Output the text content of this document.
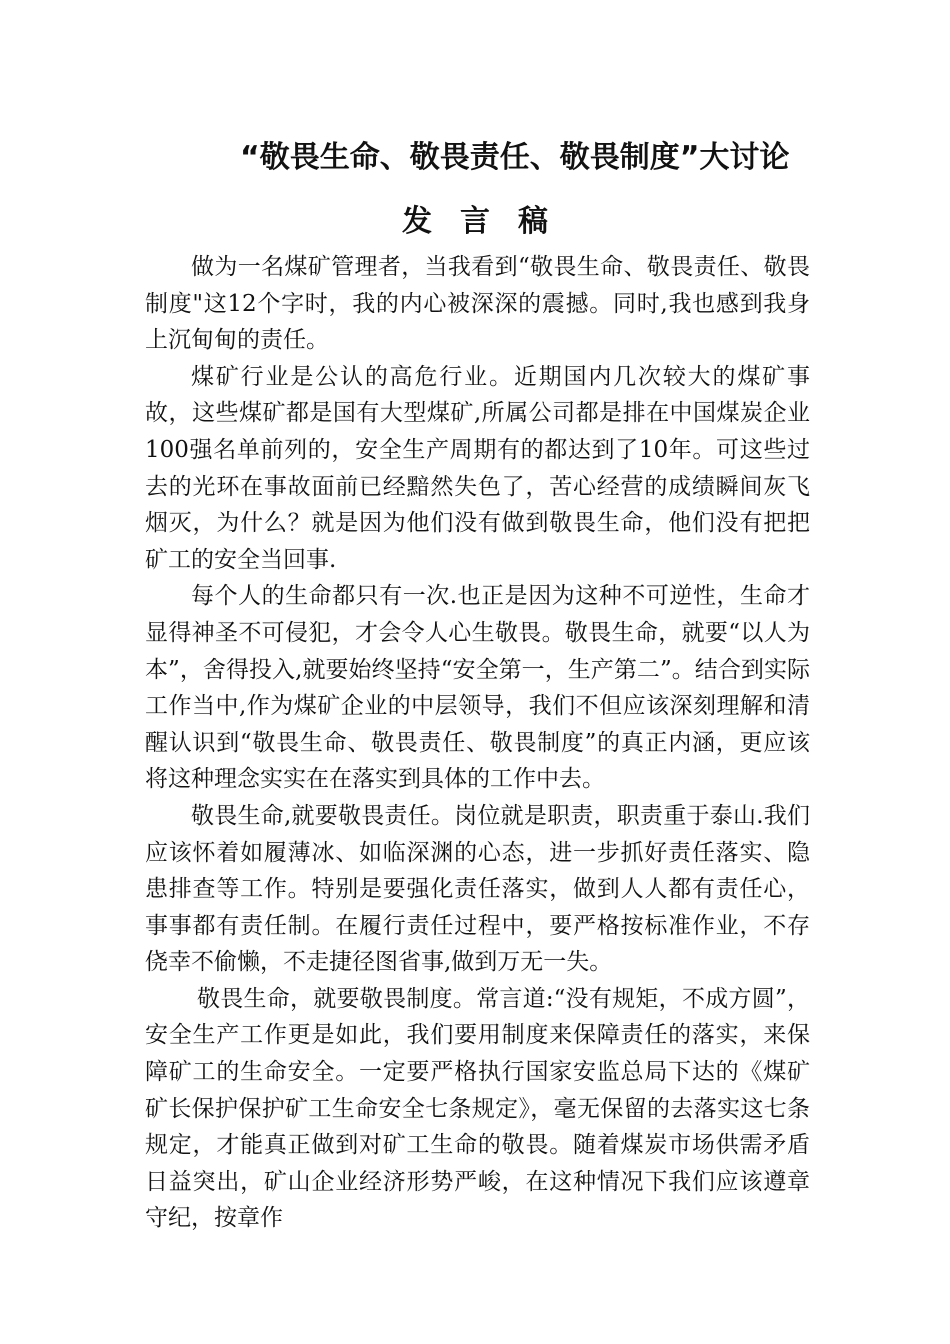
“敬畏生命、敬畏责任、敬畏制度”大讨论
发言稿

做为一名煤矿管理者，当我看到“敬畏生命、敬畏责任、敬畏制度"这12个字时，我的内心被深深的震撼。同时,我也感到我身上沉甸甸的责任。

煤矿行业是公认的高危行业。近期国内几次较大的煤矿事故，这些煤矿都是国有大型煤矿,所属公司都是排在中国煤炭企业100强名单前列的，安全生产周期有的都达到了10年。可这些过去的光环在事故面前已经黯然失色了，苦心经营的成绩瞬间灰飞烟灭，为什么？就是因为他们没有做到敬畏生命，他们没有把把矿工的安全当回事.

每个人的生命都只有一次.也正是因为这种不可逆性，生命才显得神圣不可侵犯，才会令人心生敬畏。敬畏生命，就要“以人为本”，舍得投入,就要始终坚持“安全第一，生产第二”。结合到实际工作当中,作为煤矿企业的中层领导，我们不但应该深刻理解和清醒认识到“敬畏生命、敬畏责任、敬畏制度”的真正内涵，更应该将这种理念实实在在落实到具体的工作中去。

敬畏生命,就要敬畏责任。岗位就是职责，职责重于泰山.我们应该怀着如履薄冰、如临深渊的心态，进一步抓好责任落实、隐患排查等工作。特别是要强化责任落实，做到人人都有责任心，事事都有责任制。在履行责任过程中，要严格按标准作业，不存侥幸不偷懒，不走捷径图省事,做到万无一失。

敬畏生命，就要敬畏制度。常言道:“没有规矩，不成方圆”，安全生产工作更是如此，我们要用制度来保障责任的落实，来保障矿工的生命安全。一定要严格执行国家安监总局下达的《煤矿矿长保护保护矿工生命安全七条规定》，毫无保留的去落实这七条规定，才能真正做到对矿工生命的敬畏。随着煤炭市场供需矛盾日益突出，矿山企业经济形势严峻，在这种情况下我们应该遵章守纪，按章作
